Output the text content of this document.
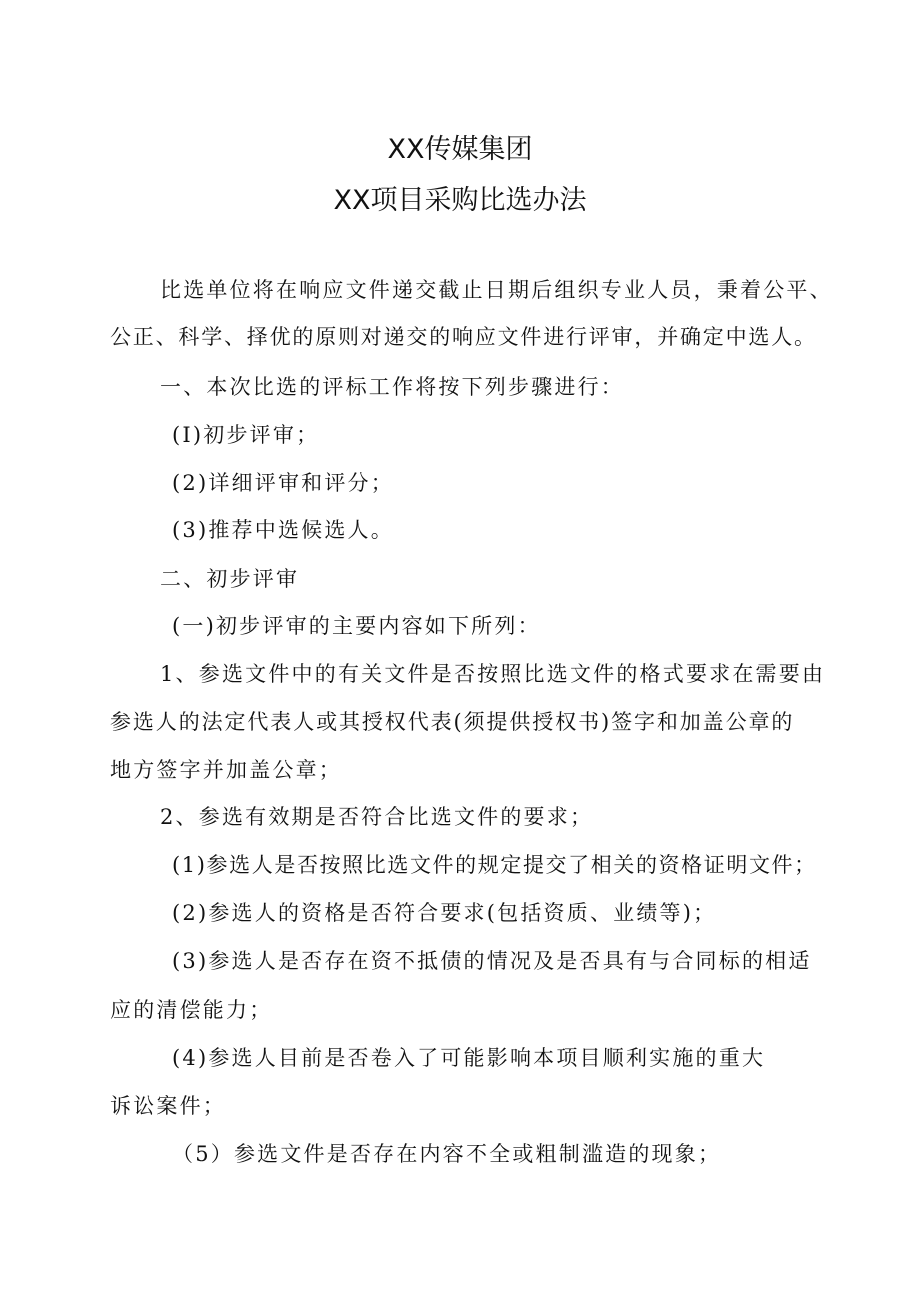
XX传媒集团
XX项目采购比选办法
比选单位将在响应文件递交截止日期后组织专业人员，秉着公平、
公正、科学、择优的原则对递交的响应文件进行评审，并确定中选人。
一、本次比选的评标工作将按下列步骤进行：
(I)初步评审；
(2)详细评审和评分；
(3)推荐中选候选人。
二、初步评审
(一)初步评审的主要内容如下所列：
1、参选文件中的有关文件是否按照比选文件的格式要求在需要由
参选人的法定代表人或其授权代表(须提供授权书)签字和加盖公章的
地方签字并加盖公章；
2、参选有效期是否符合比选文件的要求；
(1)参选人是否按照比选文件的规定提交了相关的资格证明文件；
(2)参选人的资格是否符合要求(包括资质、业绩等)；
(3)参选人是否存在资不抵债的情况及是否具有与合同标的相适
应的清偿能力；
(4)参选人目前是否卷入了可能影响本项目顺利实施的重大
诉讼案件；
（5）参选文件是否存在内容不全或粗制滥造的现象；
